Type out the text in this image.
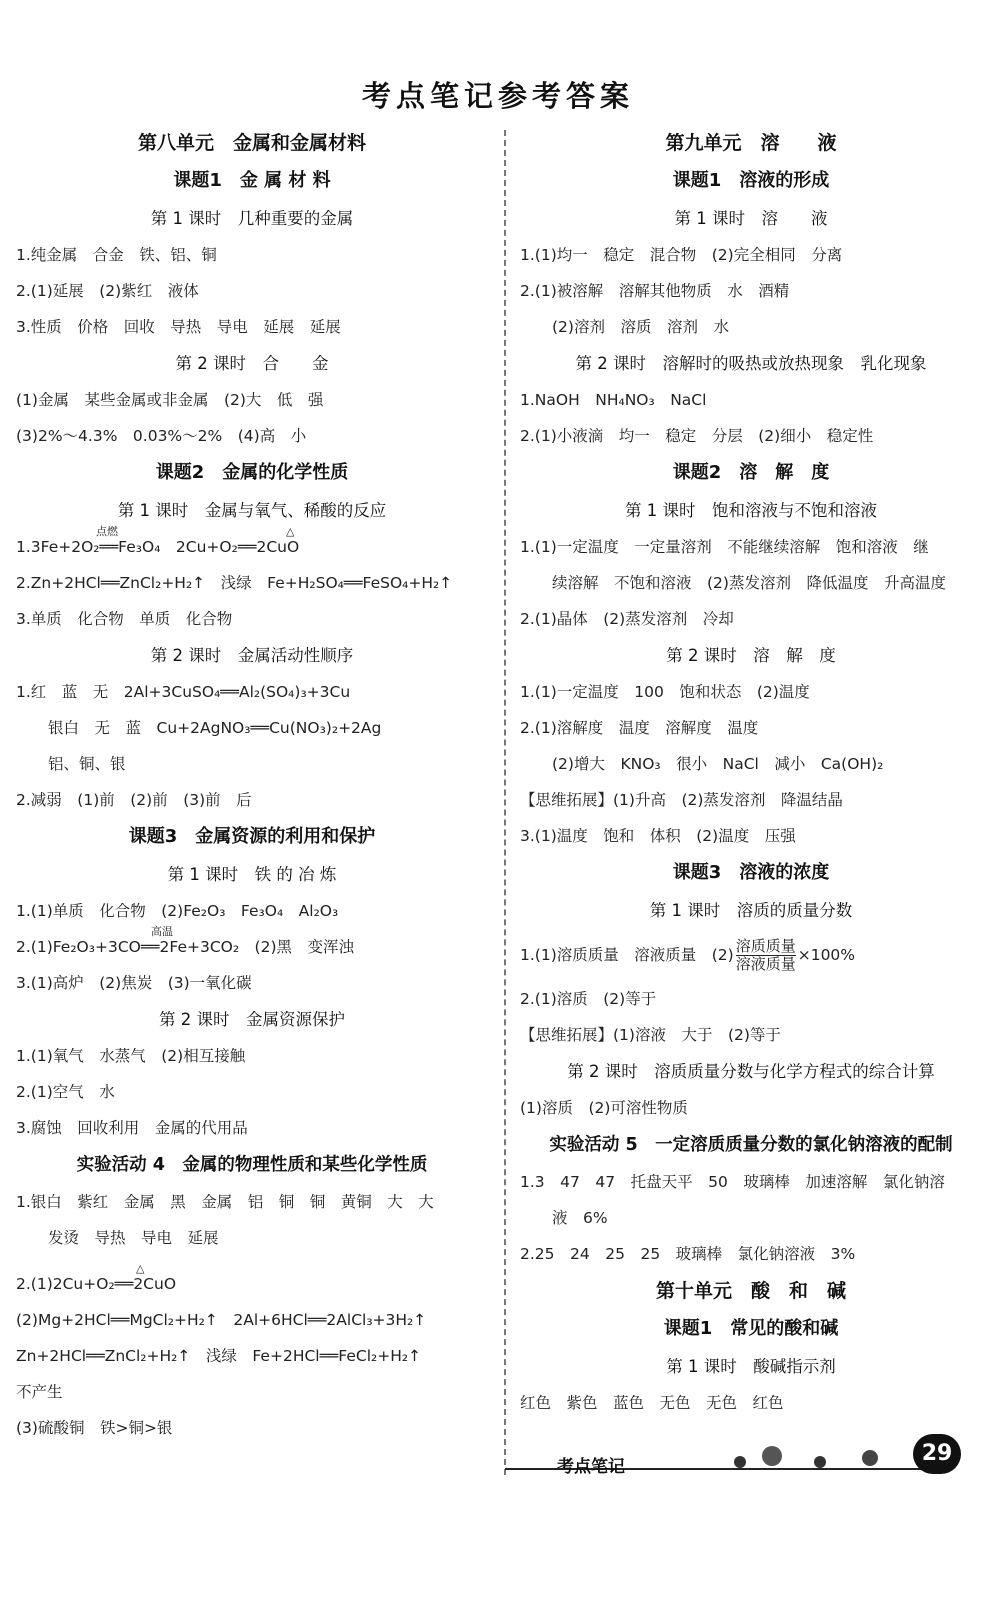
考点笔记参考答案
第八单元　金属和金属材料
课题1　金 属 材 料
第 1 课时　几种重要的金属
1.纯金属　合金　铁、铝、铜
2.(1)延展　(2)紫红　液体
3.性质　价格　回收　导热　导电　延展　延展
第 2 课时　合　　金
(1)金属　某些金属或非金属　(2)大　低　强
(3)2%～4.3%　0.03%～2%　(4)高　小
课题2　金属的化学性质
第 1 课时　金属与氧气、稀酸的反应
1.3Fe+2O₂══Fe₃O₄　2Cu+O₂══2CuO
点燃	△
2.Zn+2HCl══ZnCl₂+H₂↑　浅绿　Fe+H₂SO₄══FeSO₄+H₂↑
3.单质　化合物　单质　化合物
第 2 课时　金属活动性顺序
1.红　蓝　无　2Al+3CuSO₄══Al₂(SO₄)₃+3Cu
银白　无　蓝　Cu+2AgNO₃══Cu(NO₃)₂+2Ag
铝、铜、银
2.减弱　(1)前　(2)前　(3)前　后
课题3　金属资源的利用和保护
第 1 课时　铁 的 冶 炼
1.(1)单质　化合物　(2)Fe₂O₃　Fe₃O₄　Al₂O₃
2.(1)Fe₂O₃+3CO══2Fe+3CO₂　(2)黑　变浑浊
高温
3.(1)高炉　(2)焦炭　(3)一氧化碳
第 2 课时　金属资源保护
1.(1)氧气　水蒸气　(2)相互接触
2.(1)空气　水
3.腐蚀　回收利用　金属的代用品
实验活动 4　金属的物理性质和某些化学性质
1.银白　紫红　金属　黑　金属　铝　铜　铜　黄铜　大　大
发烫　导热　导电　延展
2.(1)2Cu+O₂══2CuO
△
(2)Mg+2HCl══MgCl₂+H₂↑　2Al+6HCl══2AlCl₃+3H₂↑
Zn+2HCl══ZnCl₂+H₂↑　浅绿　Fe+2HCl══FeCl₂+H₂↑
不产生
(3)硫酸铜　铁>铜>银
第九单元　溶　　液
课题1　溶液的形成
第 1 课时　溶　　液
1.(1)均一　稳定　混合物　(2)完全相同　分离
2.(1)被溶解　溶解其他物质　水　酒精
(2)溶剂　溶质　溶剂　水
第 2 课时　溶解时的吸热或放热现象　乳化现象
1.NaOH　NH₄NO₃　NaCl
2.(1)小液滴　均一　稳定　分层　(2)细小　稳定性
课题2　溶　解　度
第 1 课时　饱和溶液与不饱和溶液
1.(1)一定温度　一定量溶剂　不能继续溶解　饱和溶液　继
续溶解　不饱和溶液　(2)蒸发溶剂　降低温度　升高温度
2.(1)晶体　(2)蒸发溶剂　冷却
第 2 课时　溶　解　度
1.(1)一定温度　100　饱和状态　(2)温度
2.(1)溶解度　温度　溶解度　温度
(2)增大　KNO₃　很小　NaCl　减小　Ca(OH)₂
【思维拓展】(1)升高　(2)蒸发溶剂　降温结晶
3.(1)温度　饱和　体积　(2)温度　压强
课题3　溶液的浓度
第 1 课时　溶质的质量分数
1.(1)溶质质量　溶液质量　$(2) \frac{\text{溶质质量}}{\text{溶液质量}} \times 100\%$
2.(1)溶质　(2)等于
【思维拓展】(1)溶液　大于　(2)等于
第 2 课时　溶质质量分数与化学方程式的综合计算
(1)溶质　(2)可溶性物质
实验活动 5　一定溶质质量分数的氯化钠溶液的配制
1.3　47　47　托盘天平　50　玻璃棒　加速溶解　氯化钠溶
液　6%
2.25　24　25　25　玻璃棒　氯化钠溶液　3%
第十单元　酸　和　碱
课题1　常见的酸和碱
第 1 课时　酸碱指示剂
红色　紫色　蓝色　无色　无色　红色
考点笔记
29
